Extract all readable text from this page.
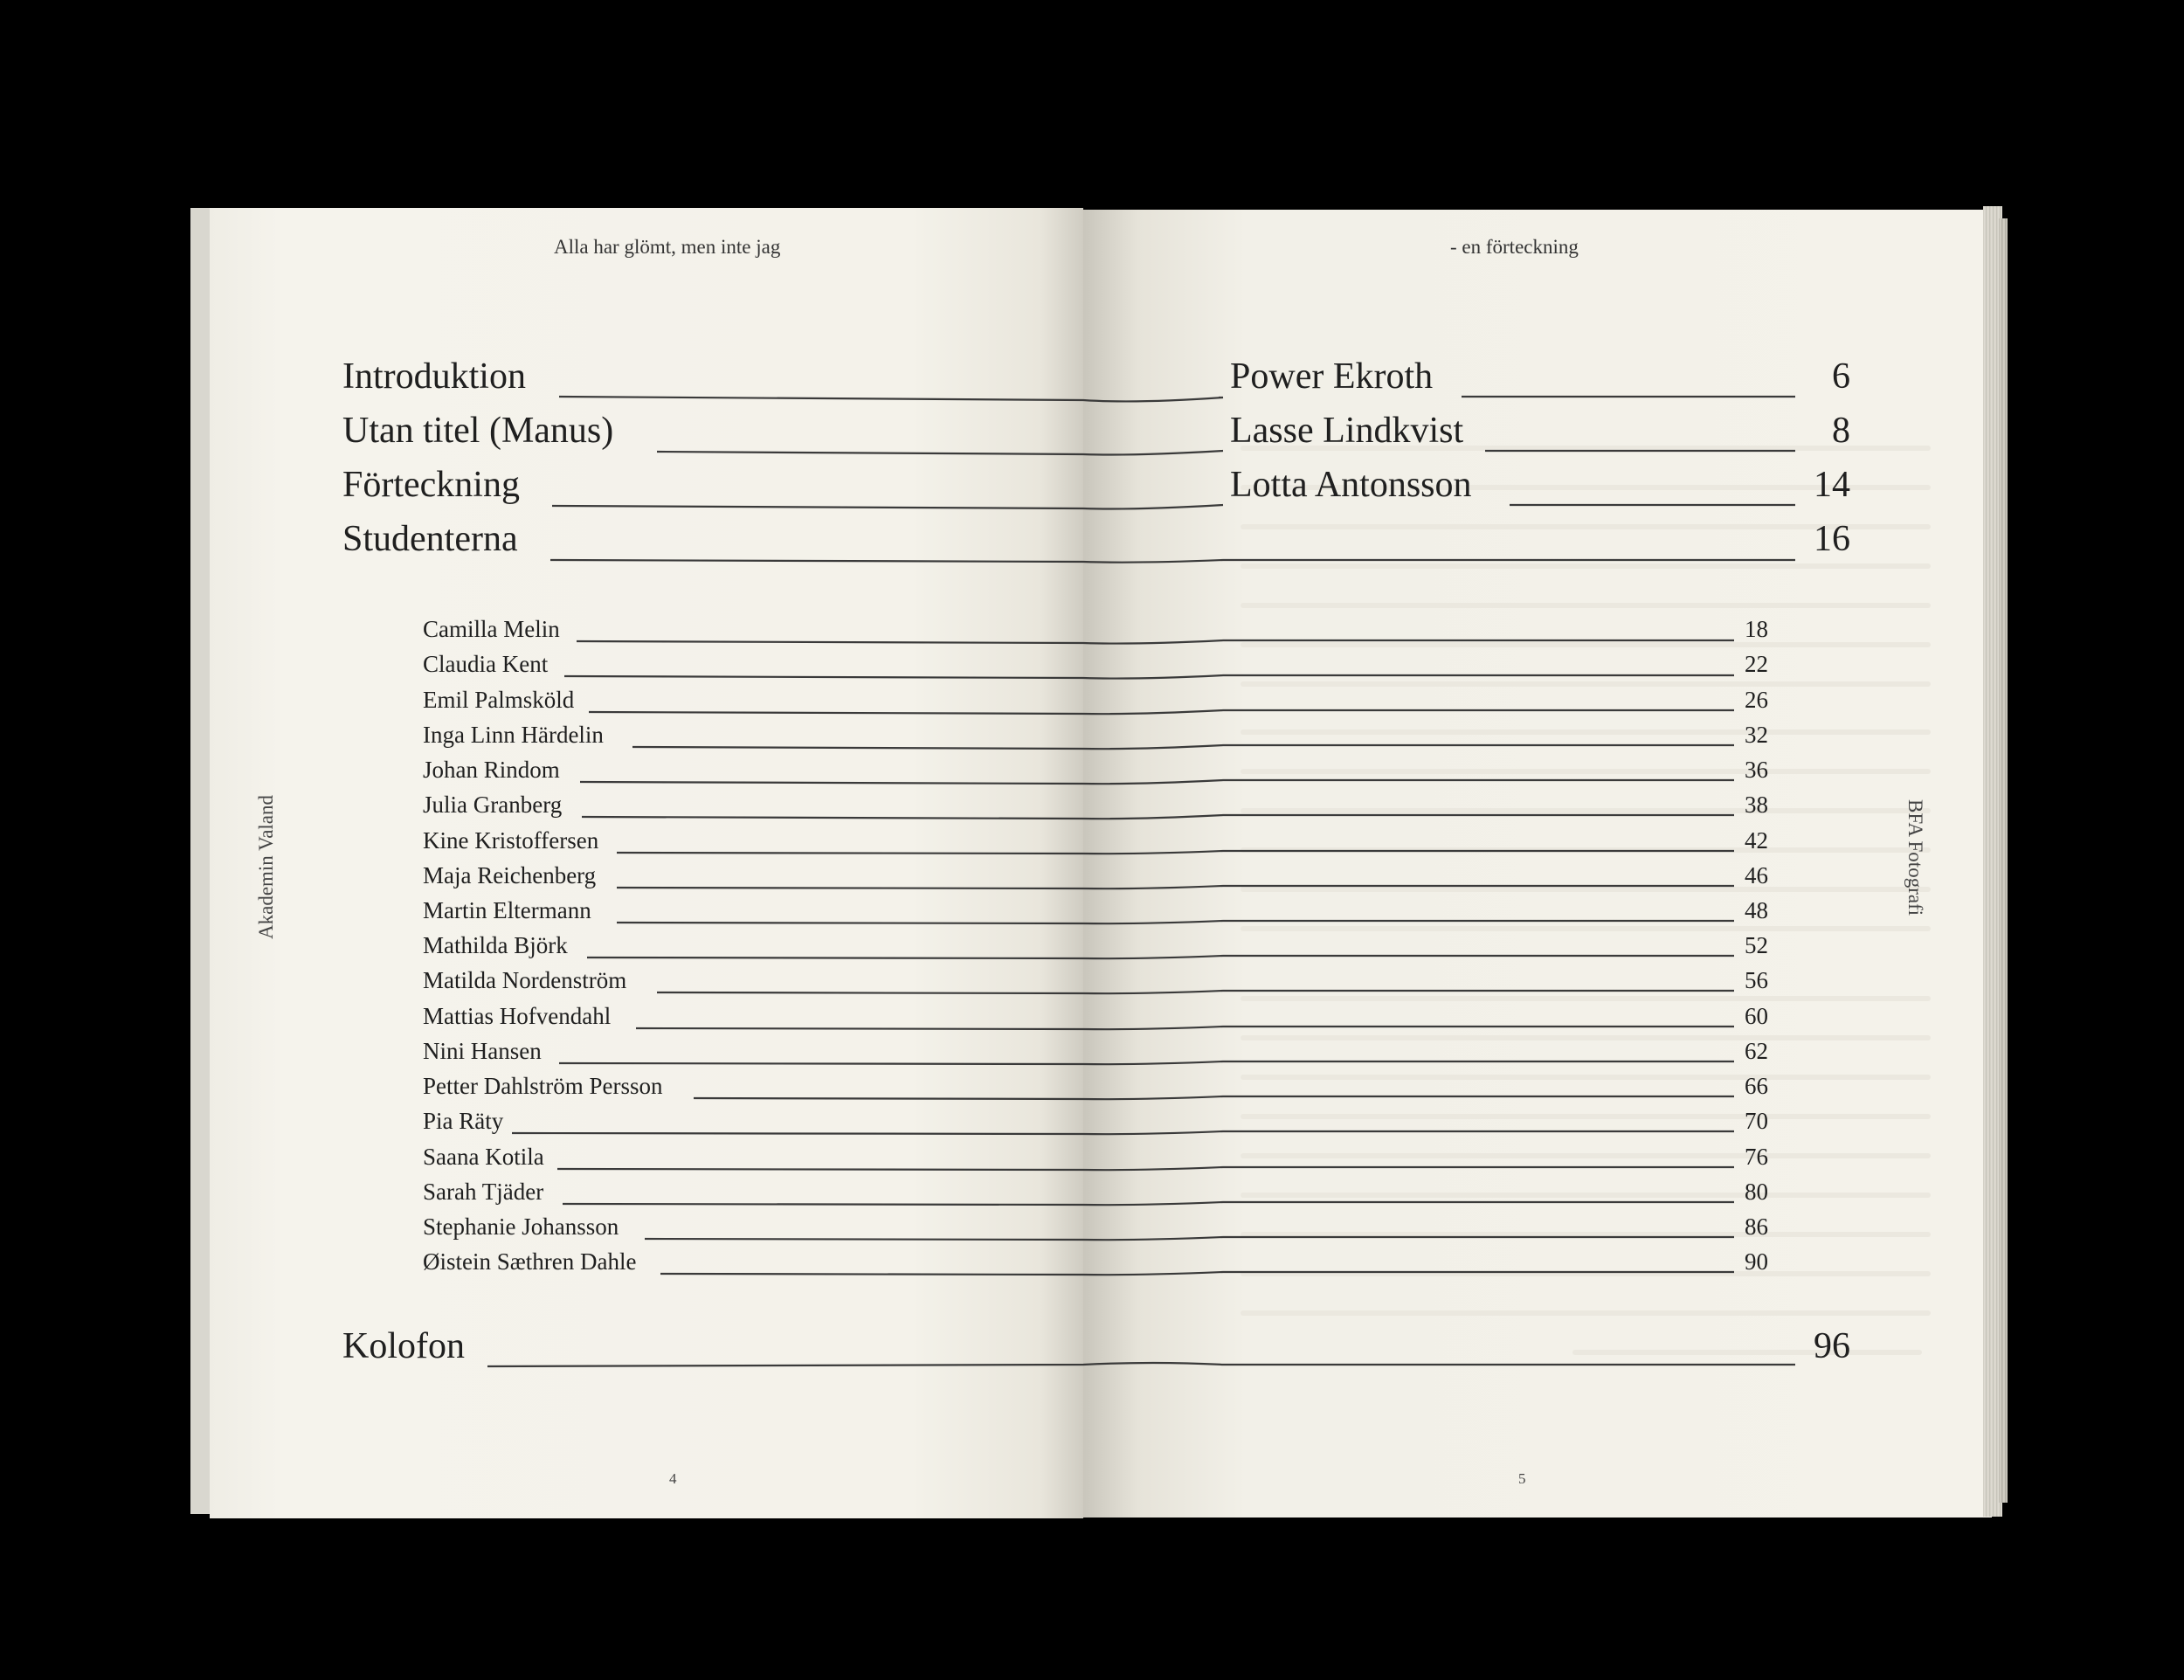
Alla har glömt, men inte jag	- en förteckning
Akademin Valand	BFA Fotografi
Introduktion	Power Ekroth	6
Utan titel (Manus)	Lasse Lindkvist	8
Förteckning	Lotta Antonsson	14
Studenterna	16
Camilla Melin	18
Claudia Kent	22
Emil Palmsköld	26
Inga Linn Härdelin	32
Johan Rindom	36
Julia Granberg	38
Kine Kristoffersen	42
Maja Reichenberg	46
Martin Eltermann	48
Mathilda Björk	52
Matilda Nordenström	56
Mattias Hofvendahl	60
Nini Hansen	62
Petter Dahlström Persson	66
Pia Räty	70
Saana Kotila	76
Sarah Tjäder	80
Stephanie Johansson	86
Øistein Sæthren Dahle	90
Kolofon	96
4	5
